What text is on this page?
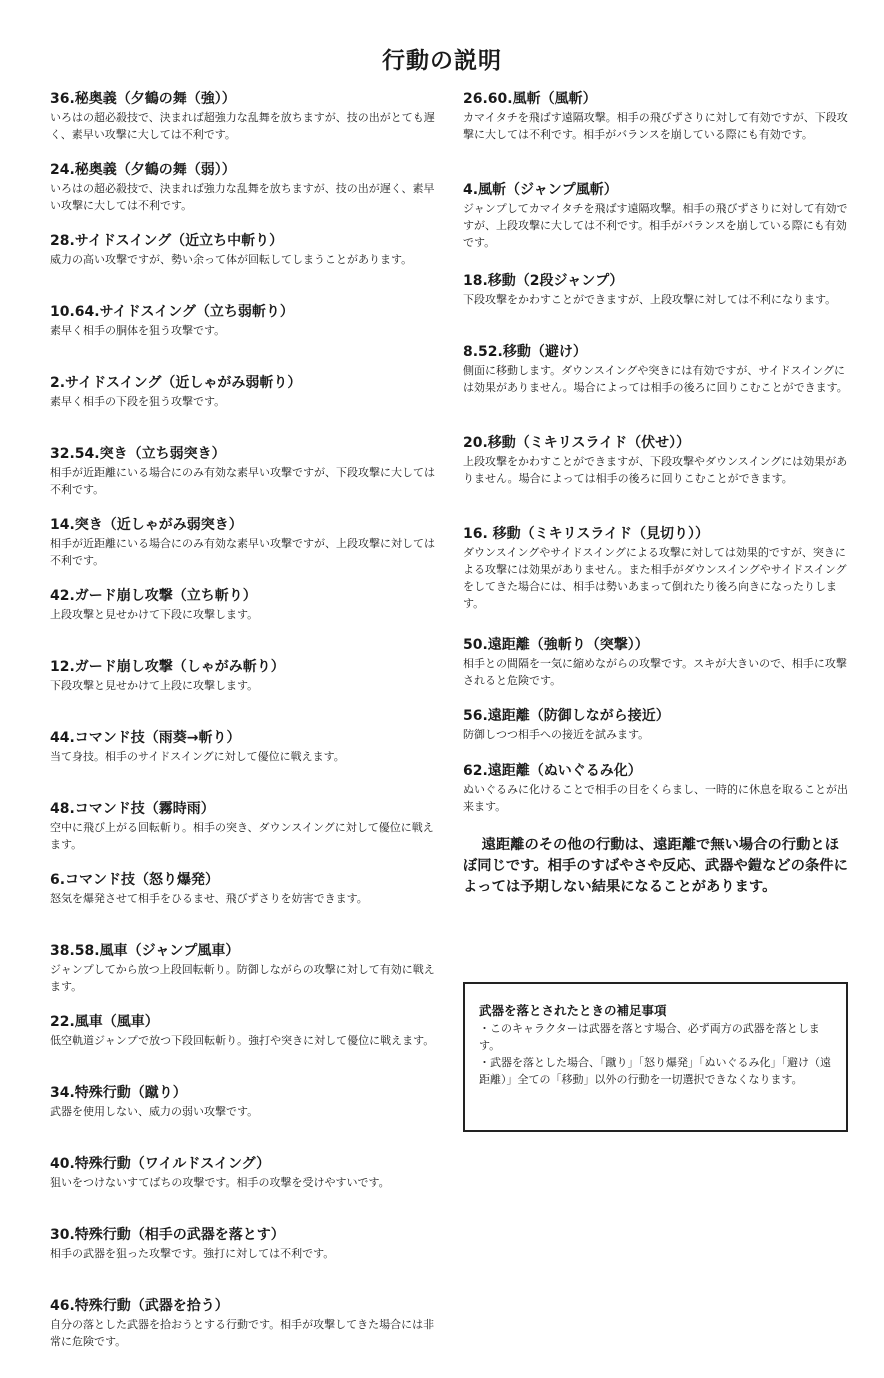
行動の説明
36.秘奥義（夕鶴の舞（強））
いろはの超必殺技で、決まれば超強力な乱舞を放ちますが、技の出がとても遅く、素早い攻撃に大しては不利です。
24.秘奥義（夕鶴の舞（弱））
いろはの超必殺技で、決まれば強力な乱舞を放ちますが、技の出が遅く、素早い攻撃に大しては不利です。
28.サイドスイング（近立ち中斬り）
威力の高い攻撃ですが、勢い余って体が回転してしまうことがあります。
10.64.サイドスイング（立ち弱斬り）
素早く相手の胴体を狙う攻撃です。
2.サイドスイング（近しゃがみ弱斬り）
素早く相手の下段を狙う攻撃です。
32.54.突き（立ち弱突き）
相手が近距離にいる場合にのみ有効な素早い攻撃ですが、下段攻撃に大しては不利です。
14.突き（近しゃがみ弱突き）
相手が近距離にいる場合にのみ有効な素早い攻撃ですが、上段攻撃に対しては不利です。
42.ガード崩し攻撃（立ち斬り）
上段攻撃と見せかけて下段に攻撃します。
12.ガード崩し攻撃（しゃがみ斬り）
下段攻撃と見せかけて上段に攻撃します。
44.コマンド技（雨葵→斬り）
当て身技。相手のサイドスイングに対して優位に戦えます。
48.コマンド技（霧時雨）
空中に飛び上がる回転斬り。相手の突き、ダウンスイングに対して優位に戦えます。
6.コマンド技（怒り爆発）
怒気を爆発させて相手をひるませ、飛びずさりを妨害できます。
38.58.風車（ジャンプ風車）
ジャンプしてから放つ上段回転斬り。防御しながらの攻撃に対して有効に戦えます。
22.風車（風車）
低空軌道ジャンプで放つ下段回転斬り。強打や突きに対して優位に戦えます。
34.特殊行動（蹴り）
武器を使用しない、威力の弱い攻撃です。
40.特殊行動（ワイルドスイング）
狙いをつけないすてばちの攻撃です。相手の攻撃を受けやすいです。
30.特殊行動（相手の武器を落とす）
相手の武器を狙った攻撃です。強打に対しては不利です。
46.特殊行動（武器を拾う）
自分の落とした武器を拾おうとする行動です。相手が攻撃してきた場合には非常に危険です。
26.60.風斬（風斬）
カマイタチを飛ばす遠隔攻撃。相手の飛びずさりに対して有効ですが、下段攻撃に大しては不利です。相手がバランスを崩している際にも有効です。
4.風斬（ジャンプ風斬）
ジャンプしてカマイタチを飛ばす遠隔攻撃。相手の飛びずさりに対して有効ですが、上段攻撃に大しては不利です。相手がバランスを崩している際にも有効です。
18.移動（2段ジャンプ）
下段攻撃をかわすことができますが、上段攻撃に対しては不利になります。
8.52.移動（避け）
側面に移動します。ダウンスイングや突きには有効ですが、サイドスイングには効果がありません。場合によっては相手の後ろに回りこむことができます。
20.移動（ミキリスライド（伏せ））
上段攻撃をかわすことができますが、下段攻撃やダウンスイングには効果がありません。場合によっては相手の後ろに回りこむことができます。
16. 移動（ミキリスライド（見切り））
ダウンスイングやサイドスイングによる攻撃に対しては効果的ですが、突きによる攻撃には効果がありません。また相手がダウンスイングやサイドスイングをしてきた場合には、相手は勢いあまって倒れたり後ろ向きになったりします。
50.遠距離（強斬り（突撃））
相手との間隔を一気に縮めながらの攻撃です。スキが大きいので、相手に攻撃されると危険です。
56.遠距離（防御しながら接近）
防御しつつ相手への接近を試みます。
62.遠距離（ぬいぐるみ化）
ぬいぐるみに化けることで相手の目をくらまし、一時的に休息を取ることが出来ます。
遠距離のその他の行動は、遠距離で無い場合の行動とほぼ同じです。相手のすばやさや反応、武器や鎧などの条件によっては予期しない結果になることがあります。
武器を落とされたときの補足事項
・このキャラクターは武器を落とす場合、必ず両方の武器を落とします。
・武器を落とした場合、「蹴り」「怒り爆発」「ぬいぐるみ化」「避け（遠距離）」全ての「移動」以外の行動を一切選択できなくなります。
